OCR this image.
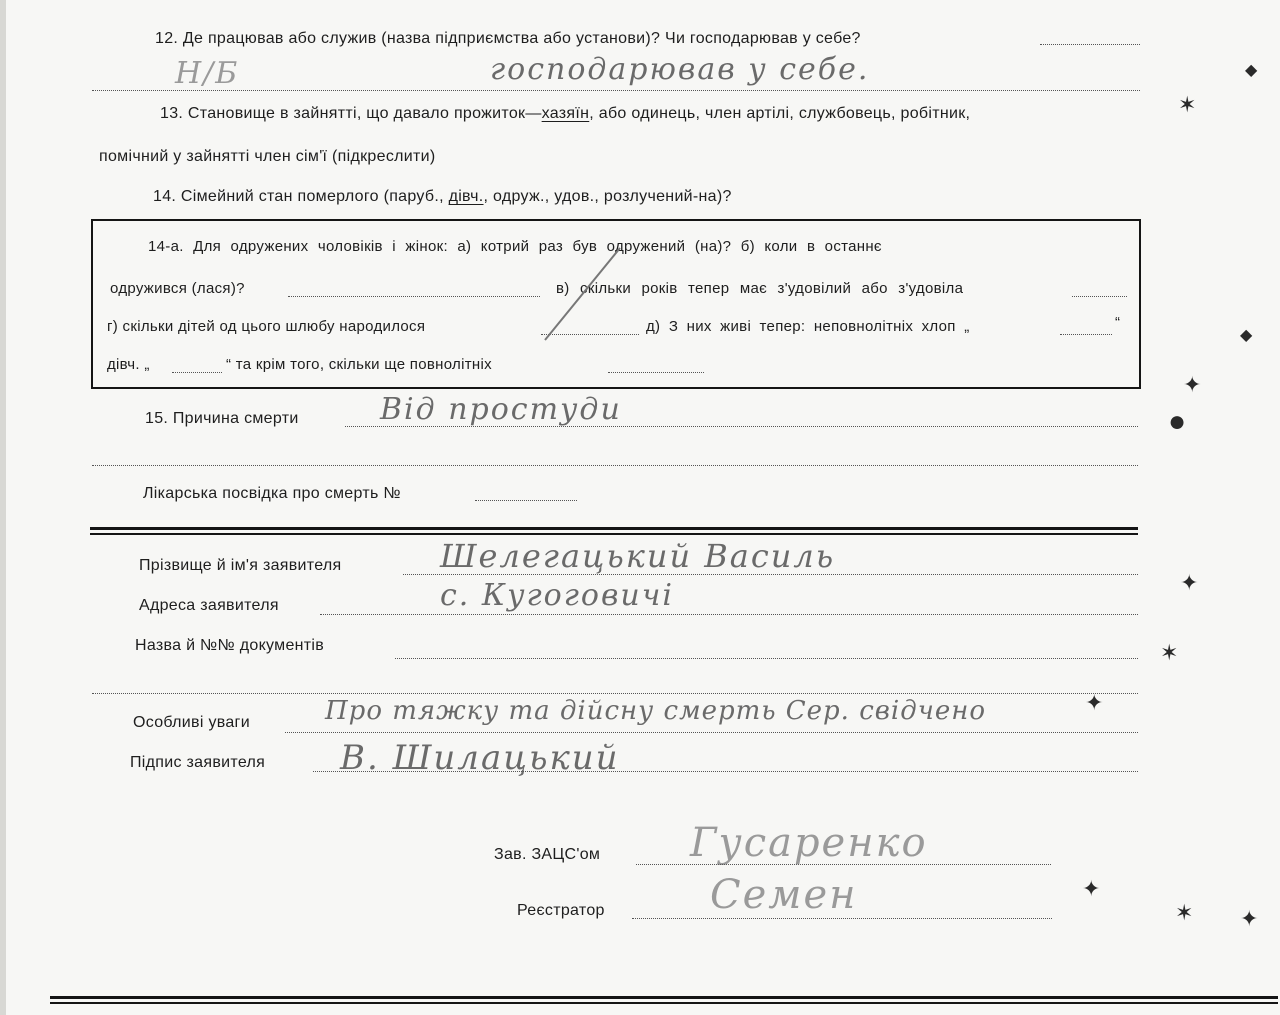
12. Де працював або служив (назва підприємства або установи)? Чи господарював у себе?
Н/Б	господарював у себе.
13. Становище в зайнятті, що давало прожиток—хазяїн, або одинець, член артілі, службовець, робітник,
помічний у зайнятті член сім'ї (підкреслити)
14. Сімейний стан померлого (паруб., дівч., одруж., удов., розлучений-на)?
14-а. Для одружених чоловіків і жінок: а) котрий раз був одружений (на)? б) коли в останнє
одружився (лася)?	в) скільки років тепер має з'удовілий або з'удовіла
г) скільки дітей од цього шлюбу народилося	д) З них живі тепер: неповнолітніх хлоп „	“
дівч. „	“ та крім того, скільки ще повнолітніх
15. Причина смерти	Від простуди
Лікарська посвідка про смерть №
Прізвище й ім'я заявителя	Шелегацький Василь
Адреса заявителя	с. Кугоговичі
Назва й №№ документів
Особливі уваги	Про тяжку та дійсну смерть Сер. свідчено
Підпис заявителя В. Шилацький
Зав. ЗАЦС'ом Гусаренко
Реєстратор	Семен
✶
✦
●
✦
✶
✦
✦
✶ ✦
◆
◆
